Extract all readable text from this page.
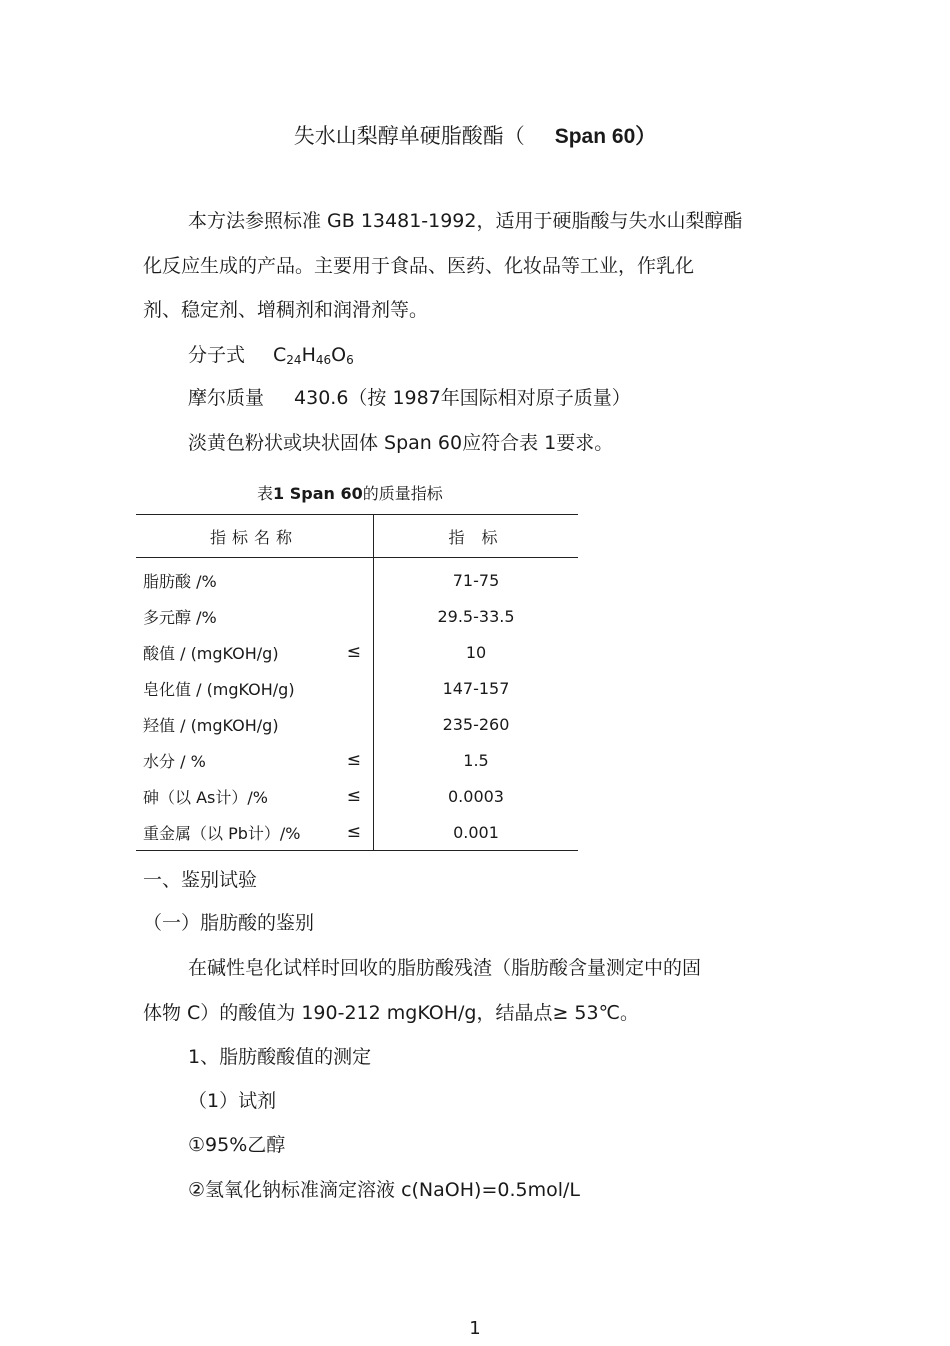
失水山梨醇单硬脂酸酯（ Span 60）
本方法参照标准 GB 13481-1992，适用于硬脂酸与失水山梨醇酯
化反应生成的产品。主要用于食品、医药、化妆品等工业，作乳化
剂、稳定剂、增稠剂和润滑剂等。
分子式 $C_{24}H_{46}O_6$
摩尔质量 430.6（按 1987年国际相对原子质量）
淡黄色粉状或块状固体 Span 60应符合表 1要求。
表1 Span 60的质量指标
指标名称	指 标
脂肪酸 /%	71-75
多元醇 /%	29.5-33.5
酸值 / (mgKOH/g) ≤	10
皂化值 / (mgKOH/g)	147-157
羟值 / (mgKOH/g)	235-260
水分 / % ≤	1.5
砷（以 As计）/% ≤	0.0003
重金属（以 Pb计）/% ≤	0.001
一、鉴别试验
（一）脂肪酸的鉴别
在碱性皂化试样时回收的脂肪酸残渣（脂肪酸含量测定中的固
体物 C）的酸值为 190-212 mgKOH/g，结晶点≥ 53℃。
1、脂肪酸酸值的测定
（1）试剂
①95%乙醇
②氢氧化钠标准滴定溶液 c(NaOH)=0.5mol/L
1
